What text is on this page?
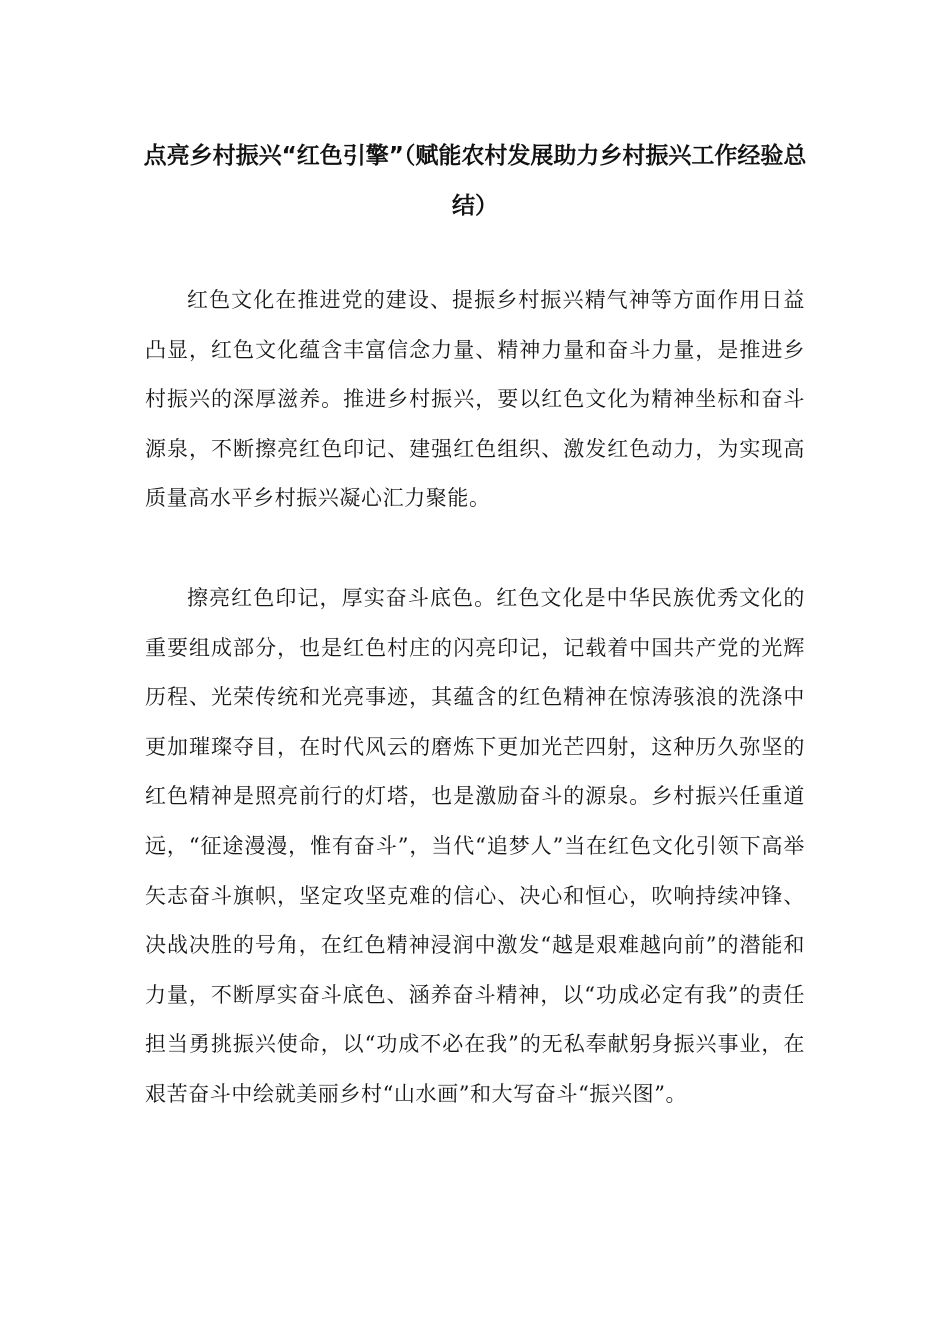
点亮乡村振兴“红色引擎”（赋能农村发展助力乡村振兴工作经验总结）

红色文化在推进党的建设、提振乡村振兴精气神等方面作用日益凸显，红色文化蕴含丰富信念力量、精神力量和奋斗力量，是推进乡村振兴的深厚滋养。推进乡村振兴，要以红色文化为精神坐标和奋斗源泉，不断擦亮红色印记、建强红色组织、激发红色动力，为实现高质量高水平乡村振兴凝心汇力聚能。

擦亮红色印记，厚实奋斗底色。红色文化是中华民族优秀文化的重要组成部分，也是红色村庄的闪亮印记，记载着中国共产党的光辉历程、光荣传统和光亮事迹，其蕴含的红色精神在惊涛骇浪的洗涤中更加璀璨夺目，在时代风云的磨炼下更加光芒四射，这种历久弥坚的红色精神是照亮前行的灯塔，也是激励奋斗的源泉。乡村振兴任重道远，“征途漫漫，惟有奋斗”，当代“追梦人”当在红色文化引领下高举矢志奋斗旗帜，坚定攻坚克难的信心、决心和恒心，吹响持续冲锋、决战决胜的号角，在红色精神浸润中激发“越是艰难越向前”的潜能和力量，不断厚实奋斗底色、涵养奋斗精神，以“功成必定有我”的责任担当勇挑振兴使命，以“功成不必在我”的无私奉献躬身振兴事业，在艰苦奋斗中绘就美丽乡村“山水画”和大写奋斗“振兴图”。
